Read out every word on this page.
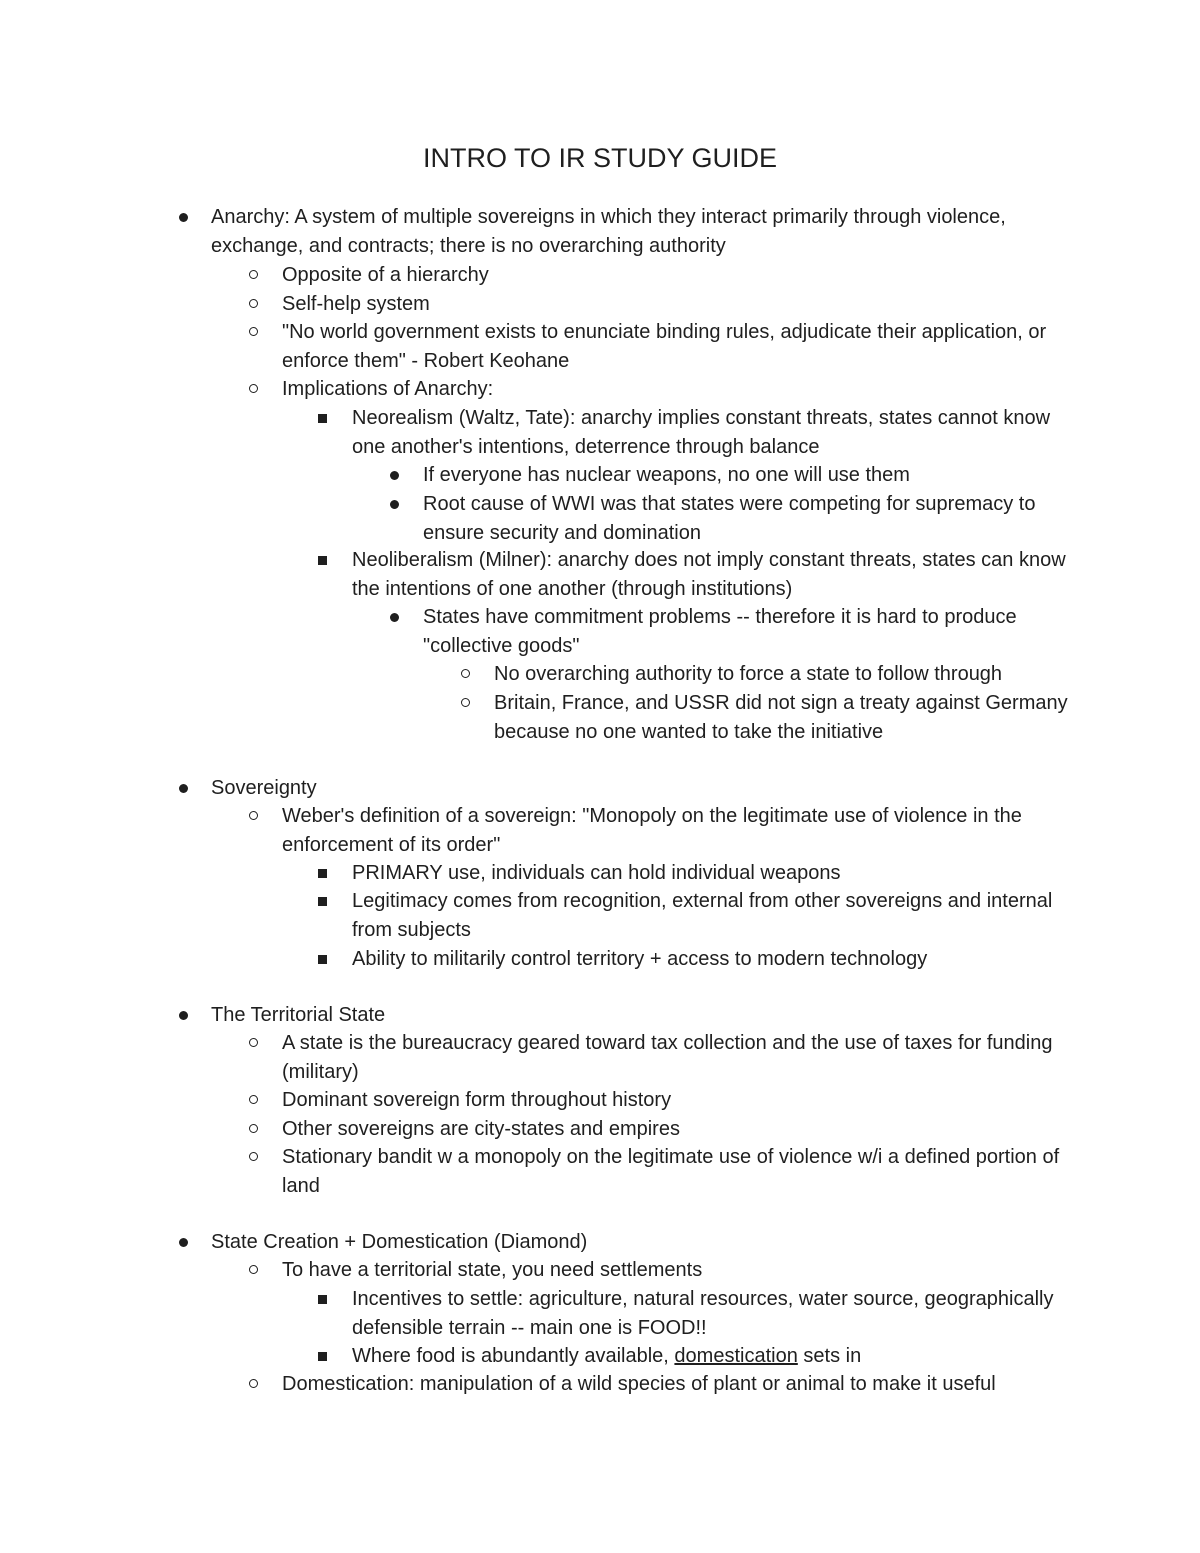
INTRO TO IR STUDY GUIDE
Anarchy: A system of multiple sovereigns in which they interact primarily through violence, exchange, and contracts; there is no overarching authority
Opposite of a hierarchy
Self-help system
"No world government exists to enunciate binding rules, adjudicate their application, or enforce them" - Robert Keohane
Implications of Anarchy:
Neorealism (Waltz, Tate): anarchy implies constant threats, states cannot know one another's intentions, deterrence through balance
If everyone has nuclear weapons, no one will use them
Root cause of WWI was that states were competing for supremacy to ensure security and domination
Neoliberalism (Milner): anarchy does not imply constant threats, states can know the intentions of one another (through institutions)
States have commitment problems -- therefore it is hard to produce "collective goods"
No overarching authority to force a state to follow through
Britain, France, and USSR did not sign a treaty against Germany because no one wanted to take the initiative
Sovereignty
Weber's definition of a sovereign: "Monopoly on the legitimate use of violence in the enforcement of its order"
PRIMARY use, individuals can hold individual weapons
Legitimacy comes from recognition, external from other sovereigns and internal from subjects
Ability to militarily control territory + access to modern technology
The Territorial State
A state is the bureaucracy geared toward tax collection and the use of taxes for funding (military)
Dominant sovereign form throughout history
Other sovereigns are city-states and empires
Stationary bandit w a monopoly on the legitimate use of violence w/i a defined portion of land
State Creation + Domestication (Diamond)
To have a territorial state, you need settlements
Incentives to settle: agriculture, natural resources, water source, geographically defensible terrain -- main one is FOOD!!
Where food is abundantly available, domestication sets in
Domestication: manipulation of a wild species of plant or animal to make it useful
